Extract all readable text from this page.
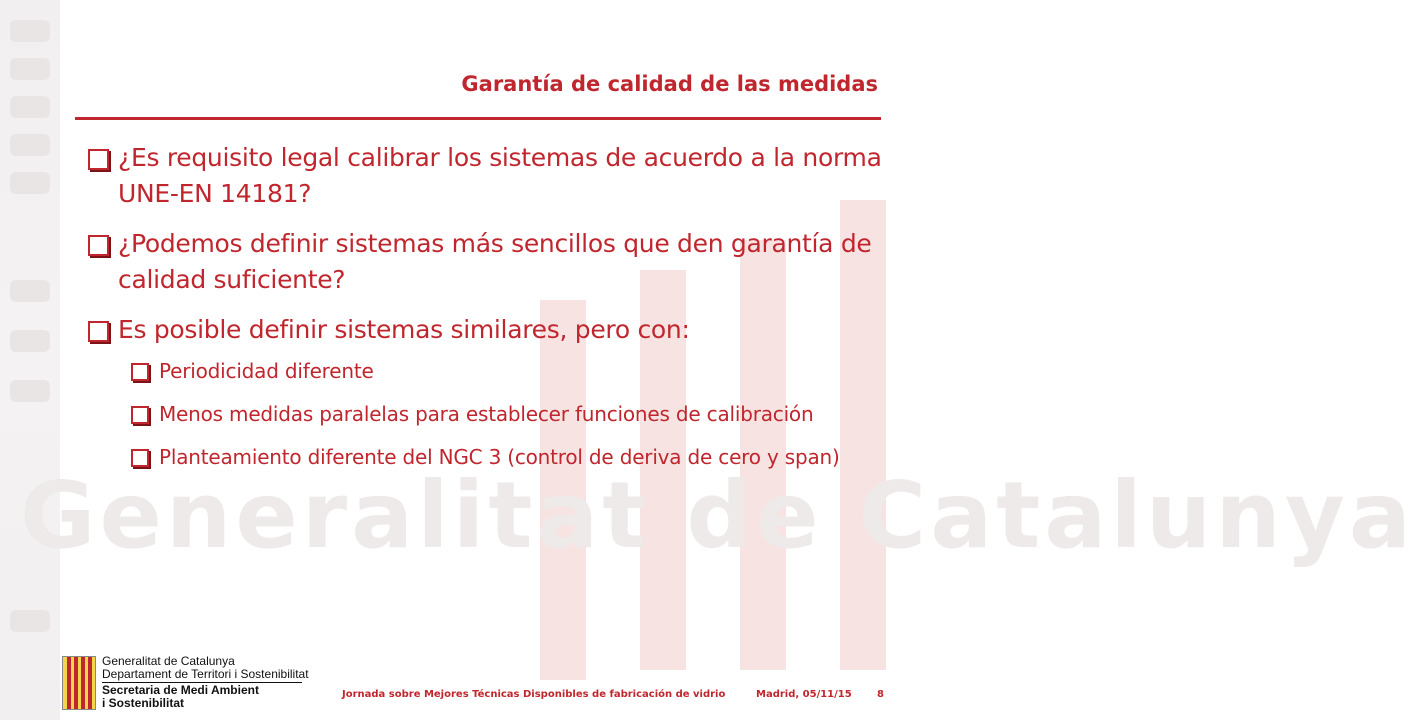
Generalitat de Catalunya
Garantía de calidad de las medidas
¿Es requisito legal calibrar los sistemas de acuerdo a la norma UNE-EN 14181?
¿Podemos definir sistemas más sencillos que den garantía de calidad suficiente?
Es posible definir sistemas similares, pero con:
Periodicidad diferente
Menos medidas paralelas para establecer funciones de calibración
Planteamiento diferente del NGC 3 (control de deriva de cero y span)
Generalitat de Catalunya
Departament de Territori i Sostenibilitat
Secretaria de Medi Ambient
i Sostenibilitat
Jornada sobre Mejores Técnicas Disponibles de fabricación de vidrio	Madrid, 05/11/15	8
